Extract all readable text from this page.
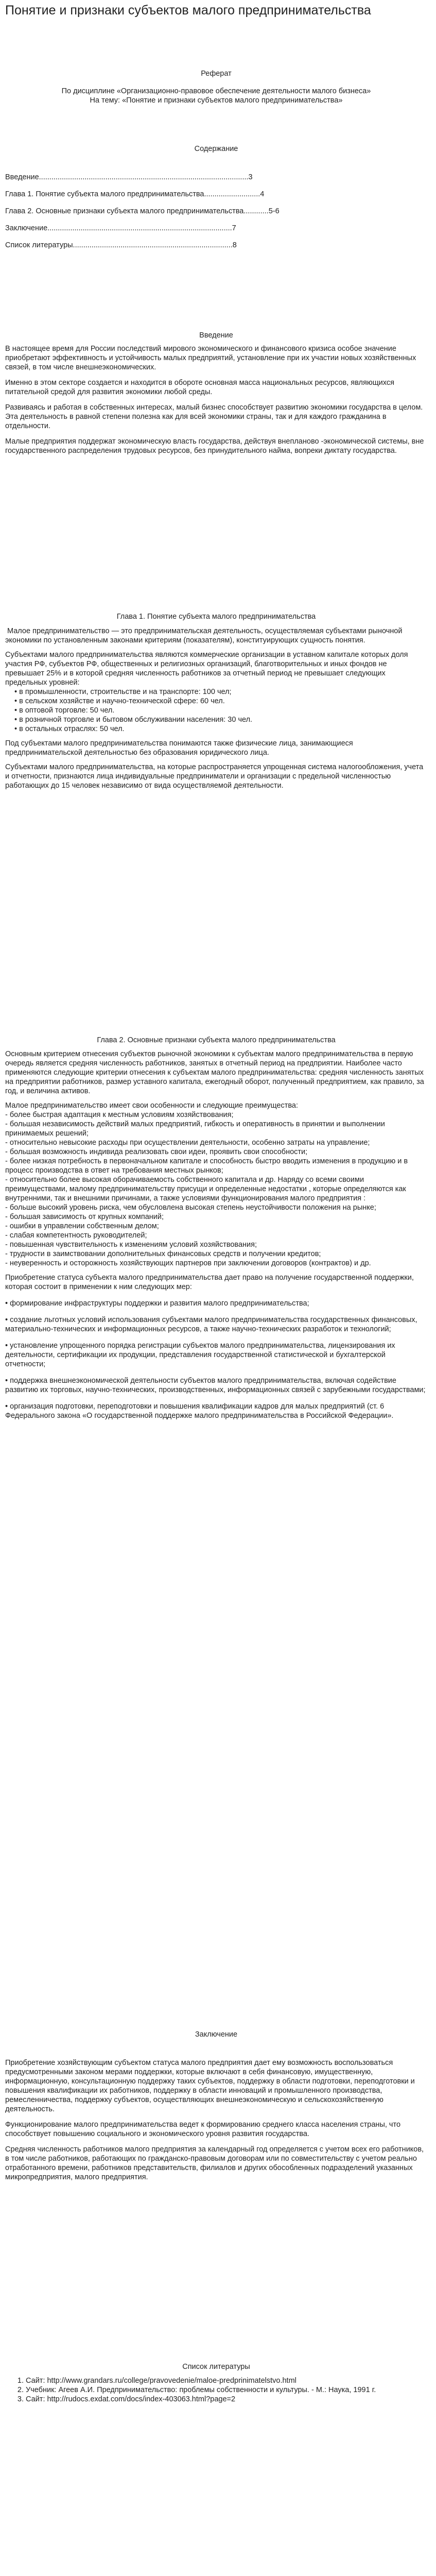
Понятие и признаки субъектов малого предпринимательства

Реферат

По дисциплине «Организационно-правовое обеспечение деятельности малого бизнеса»

На тему: «Понятие и признаки субъектов малого предпринимательства»

Содержание

Введение.....................................................................................................3

Глава 1. Понятие субъекта малого предпринимательства...........................4

Глава 2. Основные признаки субъекта малого предпринимательства............5-6

Заключение.........................................................................................7

Список литературы.............................................................................8

Введение

В настоящее время для России последствий мирового экономического и финансового кризиса особое значение приобретают эффективность и устойчивость малых предприятий, установление при их участии новых хозяйственных связей, в том числе внешнеэкономических.

Именно в этом секторе создается и находится в обороте основная масса национальных ресурсов, являющихся питательной средой для развития экономики любой среды.

Развиваясь и работая в собственных интересах, малый бизнес способствует развитию экономики государства в целом. Эта деятельность в равной степени полезна как для всей экономики страны, так и для каждого гражданина в отдельности.

Малые предприятия поддержат экономическую власть государства, действуя внепланово -экономической системы, вне государственного распределения трудовых ресурсов, без принудительного найма, вопреки диктату государства.

Глава 1. Понятие субъекта малого предпринимательства

Малое предпринимательство — это предпринимательская деятельность, осуществляемая субъектами рыночной экономики по установленным законами критериям (показателям), конституирующих сущность понятия.

Субъектами малого предпринимательства являются коммерческие организации в уставном капитале которых доля участия РФ, субъектов РФ, общественных и религиозных организаций, благотворительных и иных фондов не превышает 25% и в которой средняя численность работников за отчетный период не превышает следующих предельных уровней:

• в промышленности, строительстве и на транспорте: 100 чел;
• в сельском хозяйстве и научно-технической сфере: 60 чел.
• в оптовой торговле: 50 чел.
• в розничной торговле и бытовом обслуживании населения: 30 чел.
• в остальных отраслях: 50 чел.

Под субъектами малого предпринимательства понимаются также физические лица, занимающиеся предпринимательской деятельностью без образования юридического лица.

Субъектами малого предпринимательства, на которые распространяется упрощенная система налогообложения, учета и отчетности, признаются лица индивидуальные предприниматели и организации с предельной численностью работающих до 15 человек независимо от вида осуществляемой деятельности.

Глава 2. Основные признаки субъекта малого предпринимательства

Основным критерием отнесения субъектов рыночной экономики к субъектам малого предпринимательства в первую очередь является средняя численность работников, занятых в отчетный период на предприятии. Наиболее часто применяются следующие критерии отнесения к субъектам малого предпринимательства: средняя численность занятых на предприятии работников, размер уставного капитала, ежегодный оборот, полученный предприятием, как правило, за год, и величина активов.

Малое предпринимательство имеет свои особенности и следующие преимущества:

- более быстрая адаптация к местным условиям хозяйствования;

- большая независимость действий малых предприятий, гибкость и оперативность в принятии и выполнении принимаемых решений;

- относительно невысокие расходы при осуществлении деятельности, особенно затраты на управление;

- большая возможность индивида реализовать свои идеи, проявить свои способности;

- более низкая потребность в первоначальном капитале и способность быстро вводить изменения в продукцию и в процесс производства в ответ на требования местных рынков;

- относительно более высокая оборачиваемость собственного капитала и др. Наряду со всеми своими преимуществами, малому предпринимательству присущи и определенные недостатки , которые определяются как внутренними, так и внешними причинами, а также условиями функционирования малого предприятия :

- больше высокий уровень риска, чем обусловлена высокая степень неустойчивости положения на рынке;

- большая зависимость от крупных компаний;

- ошибки в управлении собственным делом;

- слабая компетентность руководителей;

- повышенная чувствительность к изменениям условий хозяйствования;

- трудности в заимствовании дополнительных финансовых средств и получении кредитов;

- неуверенность и осторожность хозяйствующих партнеров при заключении договоров (контрактов) и др.

Приобретение статуса субъекта малого предпринимательства дает право на получение государственной поддержки, которая состоит в применении к ним следующих мер:

• формирование инфраструктуры поддержки и развития малого предпринимательства;

• создание льготных условий использования субъектами малого предпринимательства государственных финансовых, материально-технических и информационных ресурсов, а также научно-технических разработок и технологий;

• установление упрощенного порядка регистрации субъектов малого предпринимательства, лицензирования их деятельности, сертификации их продукции, представления государственной статистической и бухгалтерской отчетности;

• поддержка внешнеэкономической деятельности субъектов малого предпринимательства, включая содействие развитию их торговых, научно-технических, производственных, информационных связей с зарубежными государствами;

• организация подготовки, переподготовки и повышения квалификации кадров для малых предприятий (ст. 6 Федерального закона «О государственной поддержке малого предпринимательства в Российской Федерации».

Заключение

Приобретение хозяйствующим субъектом статуса малого предприятия дает ему возможность воспользоваться предусмотренными законом мерами поддержки, которые включают в себя финансовую, имущественную, информационную, консультационную поддержку таких субъектов, поддержку в области подготовки, переподготовки и повышения квалификации их работников, поддержку в области инноваций и промышленного производства, ремесленничества, поддержку субъектов, осуществляющих внешнеэкономическую и сельскохозяйственную деятельность.

Функционирование малого предпринимательства ведет к формированию среднего класса населения страны, что способствует повышению социального и экономического уровня развития государства.

Средняя численность работников малого предприятия за календарный год определяется с учетом всех его работников, в том числе работников, работающих по гражданско-правовым договорам или по совместительству с учетом реально отработанного времени, работников представительств, филиалов и других обособленных подразделений указанных микропредприятия, малого предприятия.

Список литературы
1. Сайт: http://www.grandars.ru/college/pravovedenie/maloe-predprinimatelstvo.html
2. Учебник: Агеев А.И. Предпринимательство: проблемы собственности и культуры. - М.: Наука, 1991 г.
3. Сайт: http://rudocs.exdat.com/docs/index-403063.html?page=2
